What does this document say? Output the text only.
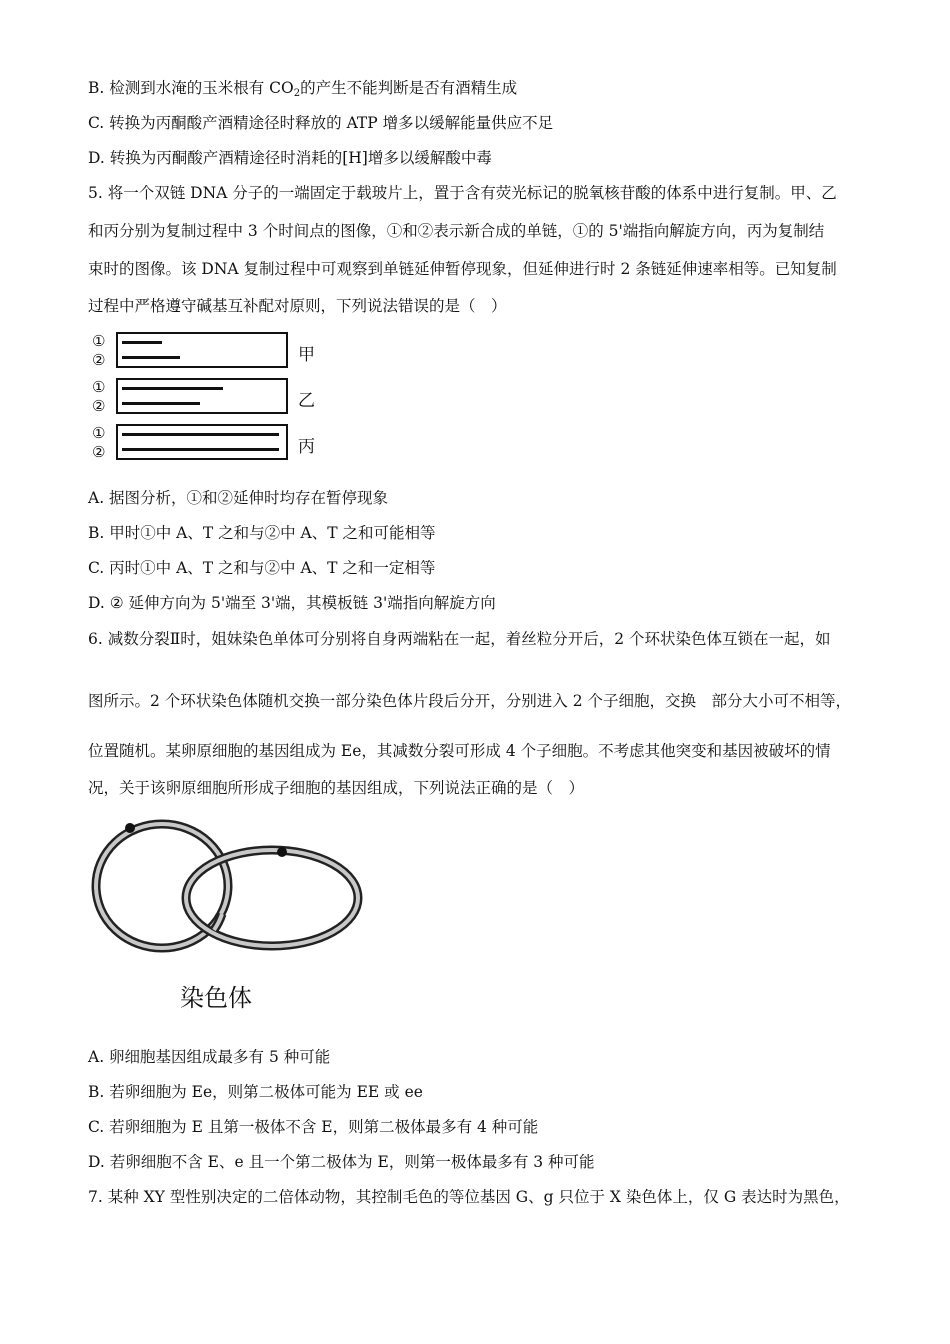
B. 检测到水淹的玉米根有 $CO_2$的产生不能判断是否有酒精生成
C. 转换为丙酮酸产酒精途径时释放的 ATP 增多以缓解能量供应不足
D. 转换为丙酮酸产酒精途径时消耗的[H]增多以缓解酸中毒
5. 将一个双链 DNA 分子的一端固定于载玻片上，置于含有荧光标记的脱氧核苷酸的体系中进行复制。甲、乙
和丙分别为复制过程中 3 个时间点的图像，①和②表示新合成的单链，①的 5'端指向解旋方向，丙为复制结
束时的图像。该 DNA 复制过程中可观察到单链延伸暂停现象，但延伸进行时 2 条链延伸速率相等。已知复制
过程中严格遵守碱基互补配对原则，下列说法错误的是（　）
①
②	甲
①
②	乙
①
②	丙
A. 据图分析，①和②延伸时均存在暂停现象
B. 甲时①中 A、T 之和与②中 A、T 之和可能相等
C. 丙时①中 A、T 之和与②中 A、T 之和一定相等
D. ② 延伸方向为 5'端至 3'端，其模板链 3'端指向解旋方向
6. 减数分裂Ⅱ时，姐妹染色单体可分别将自身两端粘在一起，着丝粒分开后，2 个环状染色体互锁在一起，如
图所示。2 个环状染色体随机交换一部分染色体片段后分开，分别进入 2 个子细胞，交换　部分大小可不相等，
位置随机。某卵原细胞的基因组成为 Ee，其减数分裂可形成 4 个子细胞。不考虑其他突变和基因被破坏的情
况，关于该卵原细胞所形成子细胞的基因组成，下列说法正确的是（　）
染色体
A. 卵细胞基因组成最多有 5 种可能
B. 若卵细胞为 Ee，则第二极体可能为 EE 或 ee
C. 若卵细胞为 E 且第一极体不含 E，则第二极体最多有 4 种可能
D. 若卵细胞不含 E、e 且一个第二极体为 E，则第一极体最多有 3 种可能
7. 某种 XY 型性别决定的二倍体动物，其控制毛色的等位基因 G、g 只位于 X 染色体上，仅 G 表达时为黑色，
